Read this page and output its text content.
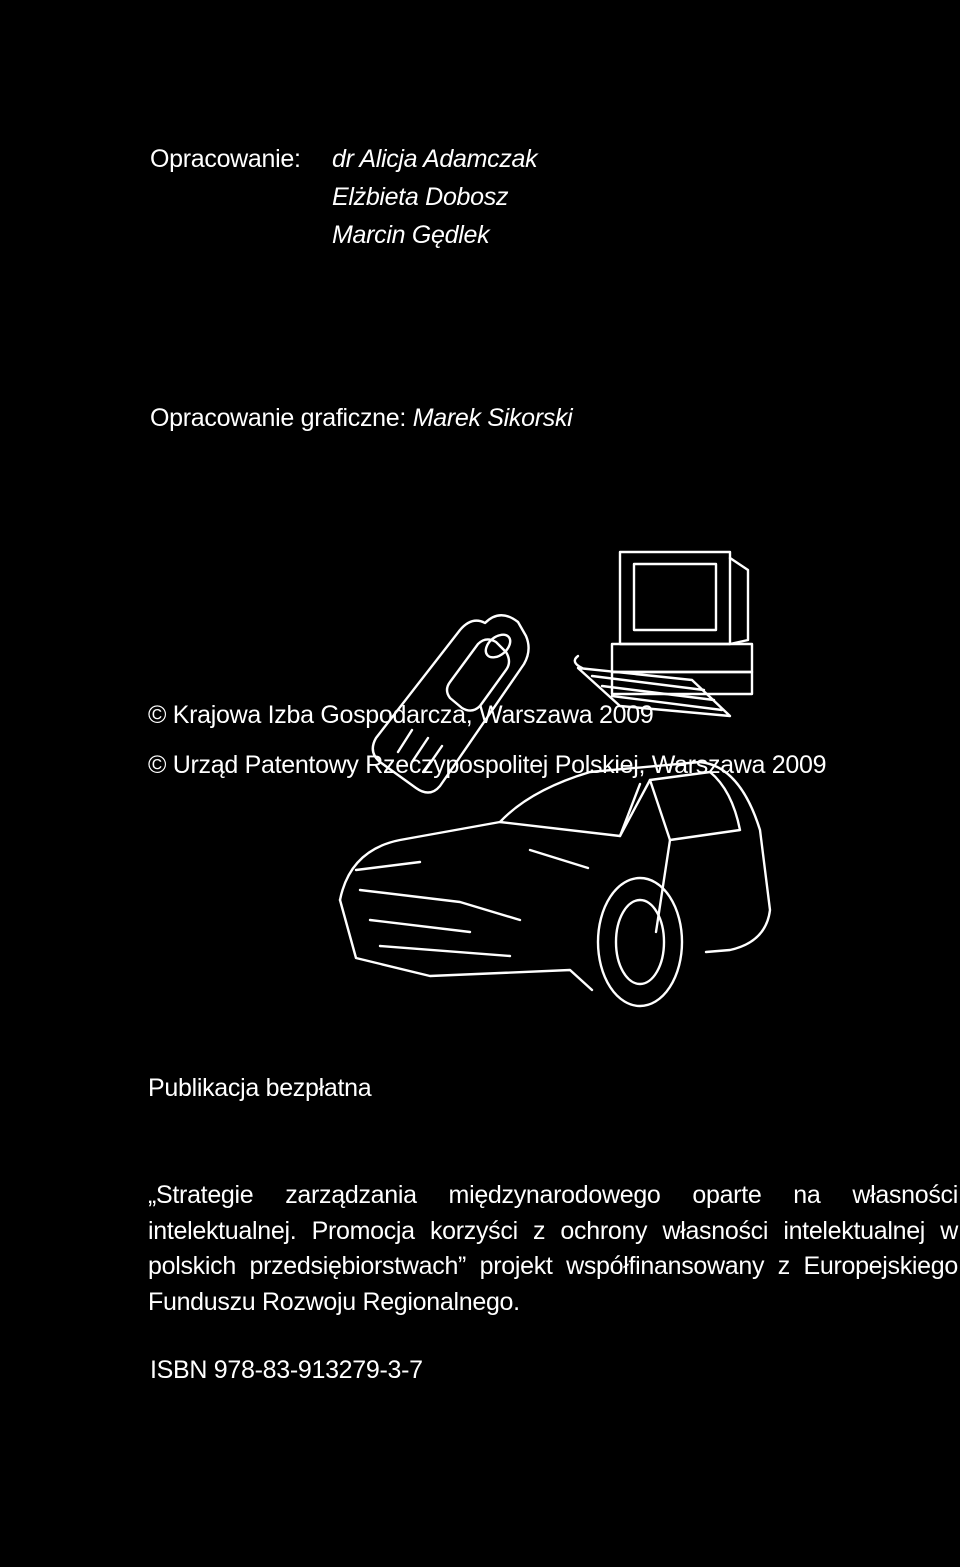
Opracowanie: dr Alicja Adamczak
Elżbieta Dobosz
Marcin Gędlek
Opracowanie graficzne: Marek Sikorski
© Krajowa Izba Gospodarcza, Warszawa 2009
© Urząd Patentowy Rzeczypospolitej Polskiej, Warszawa 2009
Publikacja bezpłatna
„Strategie zarządzania międzynarodowego oparte na własności intelektualnej. Promocja korzyści z ochrony własności intelektualnej w polskich przedsiębiorstwach” projekt współfinansowany z Europejskiego Funduszu Rozwoju Regionalnego.
ISBN 978-83-913279-3-7
